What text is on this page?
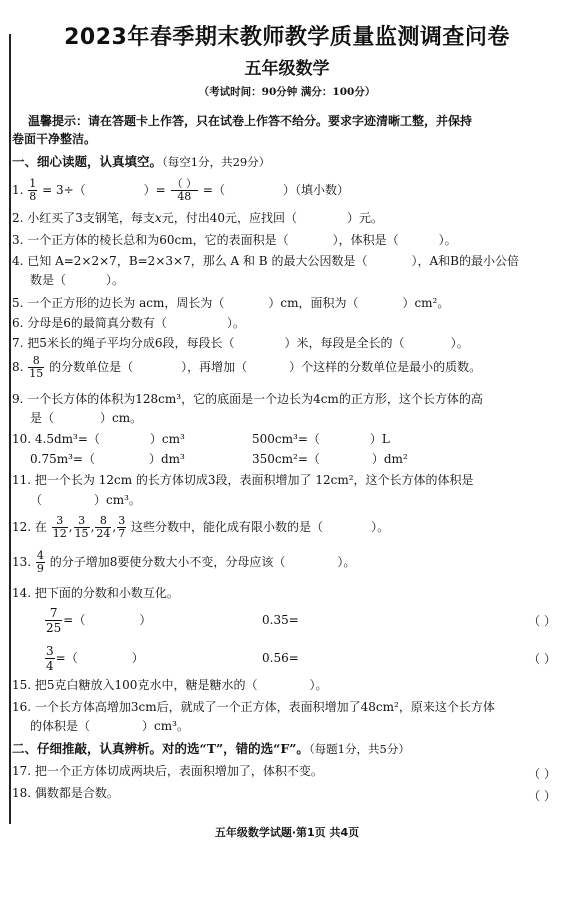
2023年春季期末教师教学质量监测调查问卷
五年级数学
（考试时间：90分钟 满分：100分）
温馨提示：请在答题卡上作答，只在试卷上作答不给分。要求字迹清晰工整，并保持
卷面干净整洁。
一、细心读题，认真填空。（每空1分，共29分）
1. $\frac{1}{8} = 3\div$（	）= $\frac{( )}{48}$ =（	）（填小数）
2. 小红买了3支钢笔，每支x元，付出40元，应找回（	）元。
3. 一个正方体的棱长总和为60cm，它的表面积是（	），体积是（	）。
4. 已知 A=2×2×7，B=2×3×7，那么 A 和 B 的最大公因数是（	），A和B的最小公倍
数是（	）。
5. 一个正方形的边长为 acm，周长为（	）cm，面积为（	）cm²。
6. 分母是6的最简真分数有（	）。
7. 把5米长的绳子平均分成6段，每段长（	）米，每段是全长的（	）。
8. $\frac{8}{15}$ 的分数单位是（	），再增加（	）个这样的分数单位是最小的质数。
9. 一个长方体的体积为128cm³，它的底面是一个边长为4cm的正方形，这个长方体的高
是（	）cm。
10. 4.5dm³=（	）cm³	500cm³=（	）L
0.75m³=（	）dm³	350cm²=（	）dm²
11. 把一个长为 12cm 的长方体切成3段，表面积增加了 12cm²，这个长方体的体积是
（	）cm³。
12. 在 $\frac{3}{12}$ , $\frac{3}{15}$ , $\frac{8}{24}$ , $\frac{3}{7}$ 这些分数中，能化成有限小数的是（	）。
13. $\frac{4}{9}$ 的分子增加8要使分数大小不变，分母应该（	）。
14. 把下面的分数和小数互化。
$\frac{7}{25}$ =（	）	0.35=	（ ）
$\frac{3}{4}$ =（	）	0.56=	（ ）
15. 把5克白糖放入100克水中，糖是糖水的（	）。
16. 一个长方体高增加3cm后，就成了一个正方体，表面积增加了48cm²，原来这个长方体
的体积是（	）cm³。
二、仔细推敲，认真辨析。对的选“T”，错的选“F”。（每题1分，共5分）
17. 把一个正方体切成两块后，表面积增加了，体积不变。	（ ）
18. 偶数都是合数。	（ ）
五年级数学试题·第1页 共4页
